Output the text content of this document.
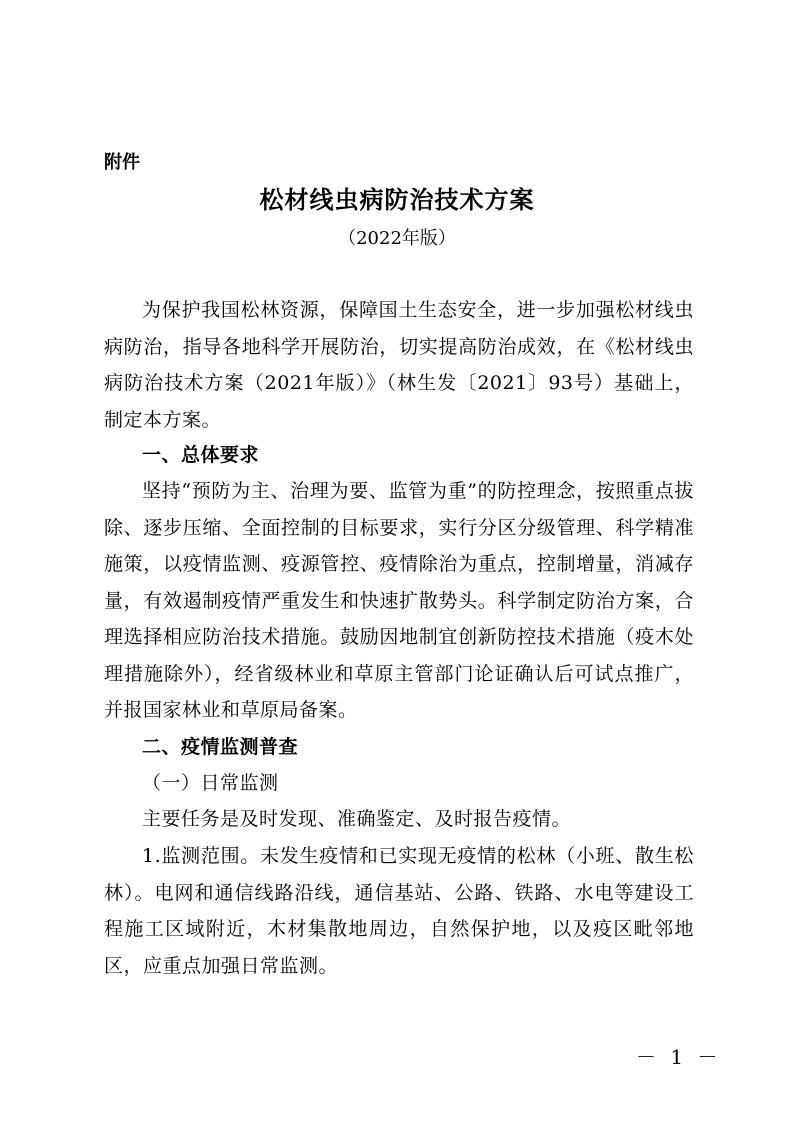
附件
松材线虫病防治技术方案
（2022年版）
为保护我国松林资源，保障国土生态安全，进一步加强松材线虫病防治，指导各地科学开展防治，切实提高防治成效，在《松材线虫病防治技术方案（2021年版）》（林生发〔2021〕93号）基础上，制定本方案。
一、总体要求
坚持“预防为主、治理为要、监管为重”的防控理念，按照重点拔除、逐步压缩、全面控制的目标要求，实行分区分级管理、科学精准施策，以疫情监测、疫源管控、疫情除治为重点，控制增量，消减存量，有效遏制疫情严重发生和快速扩散势头。科学制定防治方案，合理选择相应防治技术措施。鼓励因地制宜创新防控技术措施（疫木处理措施除外），经省级林业和草原主管部门论证确认后可试点推广，并报国家林业和草原局备案。
二、疫情监测普查
（一）日常监测
主要任务是及时发现、准确鉴定、及时报告疫情。
1.监测范围。未发生疫情和已实现无疫情的松林（小班、散生松林）。电网和通信线路沿线，通信基站、公路、铁路、水电等建设工程施工区域附近，木材集散地周边，自然保护地，以及疫区毗邻地区，应重点加强日常监测。
－ 1 －
